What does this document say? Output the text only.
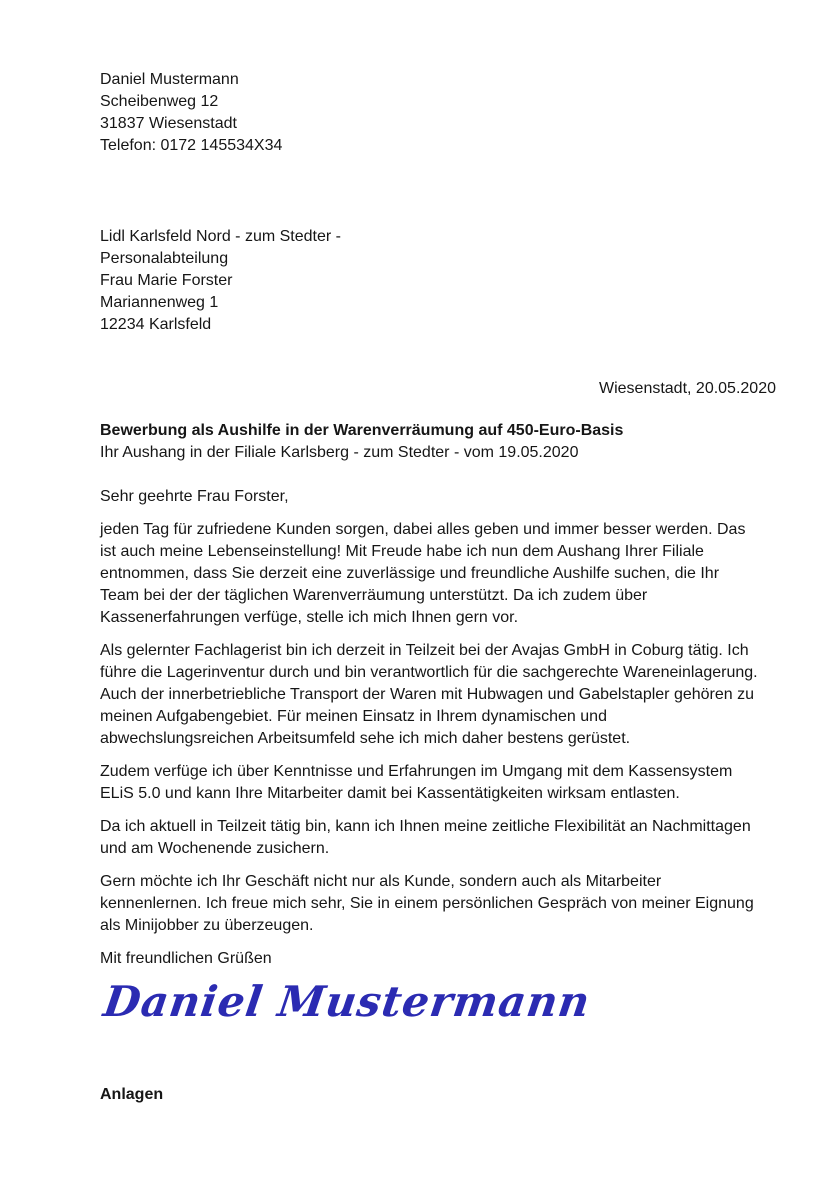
Daniel Mustermann
Scheibenweg 12
31837 Wiesenstadt
Telefon: 0172 145534X34
Lidl Karlsfeld Nord - zum Stedter -
Personalabteilung
Frau Marie Forster
Mariannenweg 1
12234 Karlsfeld
Wiesenstadt, 20.05.2020
Bewerbung als Aushilfe in der Warenverräumung auf 450-Euro-Basis
Ihr Aushang in der Filiale Karlsberg - zum Stedter - vom 19.05.2020
Sehr geehrte Frau Forster,

jeden Tag für zufriedene Kunden sorgen, dabei alles geben und immer besser werden. Das ist auch meine Lebenseinstellung! Mit Freude habe ich nun dem Aushang Ihrer Filiale entnommen, dass Sie derzeit eine zuverlässige und freundliche Aushilfe suchen, die Ihr Team bei der der täglichen Warenverräumung unterstützt. Da ich zudem über Kassenerfahrungen verfüge, stelle ich mich Ihnen gern vor.

Als gelernter Fachlagerist bin ich derzeit in Teilzeit bei der Avajas GmbH in Coburg tätig. Ich führe die Lagerinventur durch und bin verantwortlich für die sachgerechte Wareneinlagerung. Auch der innerbetriebliche Transport der Waren mit Hubwagen und Gabelstapler gehören zu meinen Aufgabengebiet. Für meinen Einsatz in Ihrem dynamischen und abwechslungsreichen Arbeitsumfeld sehe ich mich daher bestens gerüstet.

Zudem verfüge ich über Kenntnisse und Erfahrungen im Umgang mit dem Kassensystem ELiS 5.0 und kann Ihre Mitarbeiter damit bei Kassentätigkeiten wirksam entlasten.

Da ich aktuell in Teilzeit tätig bin, kann ich Ihnen meine zeitliche Flexibilität an Nachmittagen und am Wochenende zusichern.

Gern möchte ich Ihr Geschäft nicht nur als Kunde, sondern auch als Mitarbeiter kennenlernen. Ich freue mich sehr, Sie in einem persönlichen Gespräch von meiner Eignung als Minijobber zu überzeugen.

Mit freundlichen Grüßen

Daniel Mustermann
Anlagen
